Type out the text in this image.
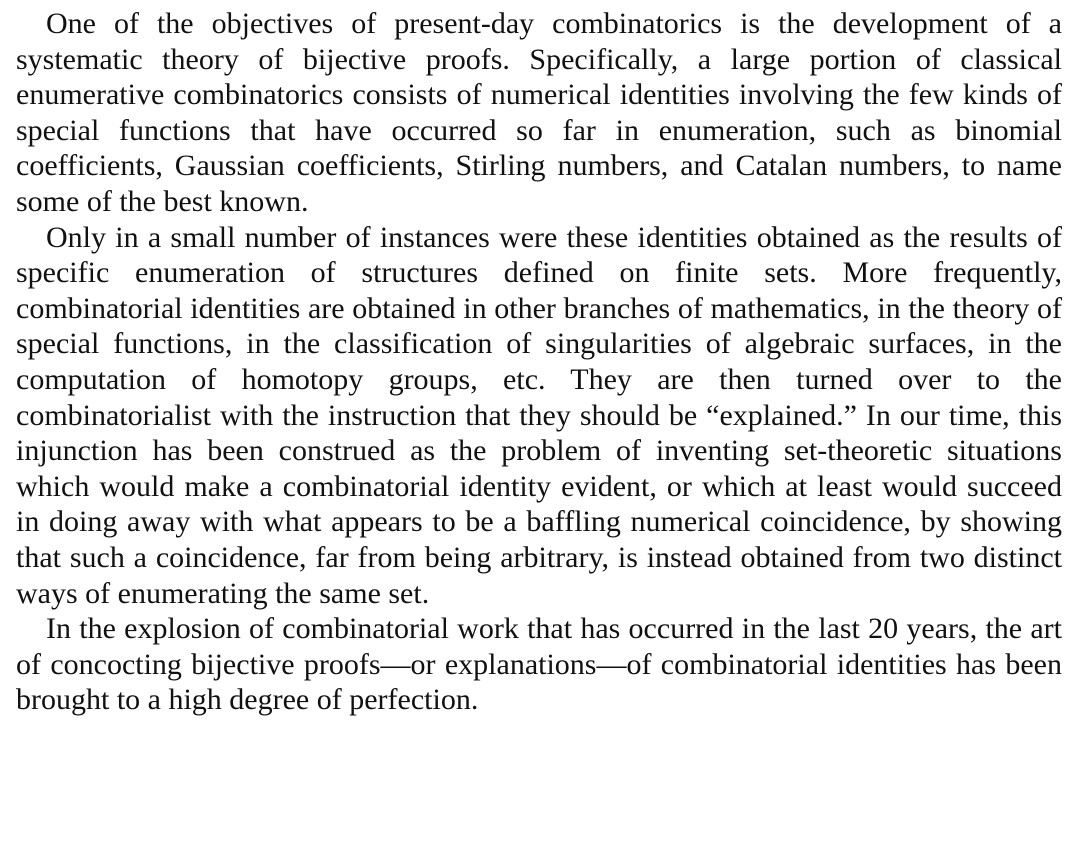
One of the objectives of present-day combinatorics is the development of a systematic theory of bijective proofs. Specifically, a large portion of classical enumerative combinatorics consists of numerical identities involving the few kinds of special functions that have occurred so far in enumeration, such as binomial coefficients, Gaussian coefficients, Stirling numbers, and Catalan numbers, to name some of the best known.

Only in a small number of instances were these identities obtained as the results of specific enumeration of structures defined on finite sets. More frequently, combinatorial identities are obtained in other branches of mathematics, in the theory of special functions, in the classification of singularities of algebraic surfaces, in the computation of homotopy groups, etc. They are then turned over to the combinatorialist with the instruction that they should be “explained.” In our time, this injunction has been construed as the problem of inventing set-theoretic situations which would make a combinatorial identity evident, or which at least would succeed in doing away with what appears to be a baffling numerical coincidence, by showing that such a coincidence, far from being arbitrary, is instead obtained from two distinct ways of enumerating the same set.

In the explosion of combinatorial work that has occurred in the last 20 years, the art of concocting bijective proofs—or explanations—of combinatorial identities has been brought to a high degree of perfection.
